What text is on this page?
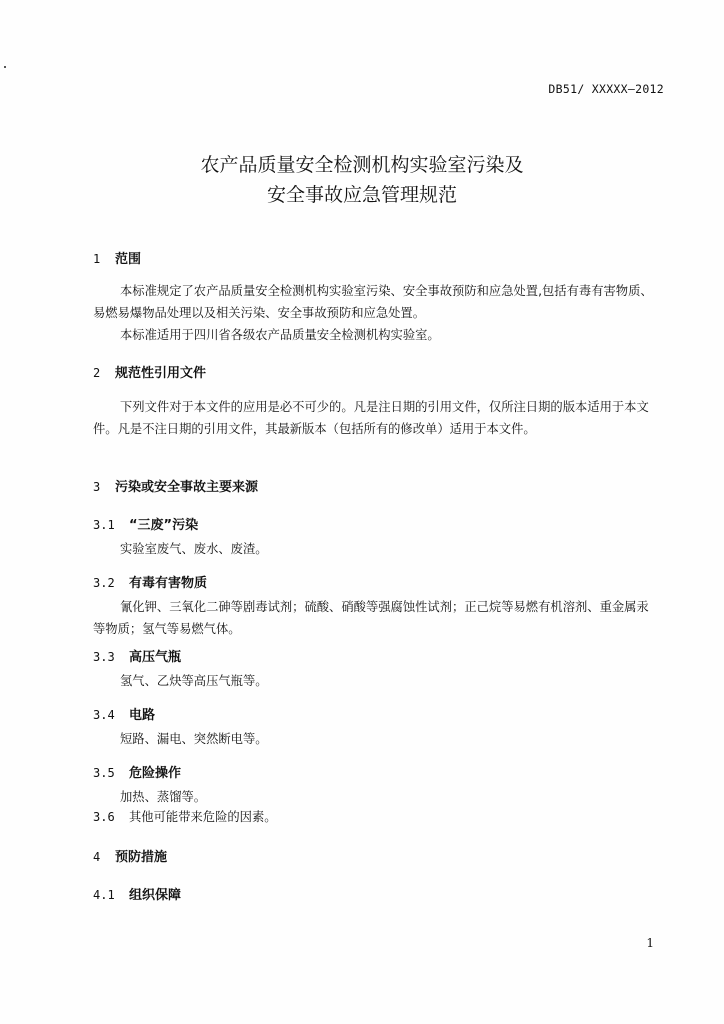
DB51/ XXXXX—2012
农产品质量安全检测机构实验室污染及
安全事故应急管理规范
1 范围
本标准规定了农产品质量安全检测机构实验室污染、安全事故预防和应急处置,包括有毒有害物质、
易燃易爆物品处理以及相关污染、安全事故预防和应急处置。
本标准适用于四川省各级农产品质量安全检测机构实验室。
2 规范性引用文件
下列文件对于本文件的应用是必不可少的。凡是注日期的引用文件，仅所注日期的版本适用于本文
件。凡是不注日期的引用文件，其最新版本（包括所有的修改单）适用于本文件。
3 污染或安全事故主要来源
3.1 “三废”污染
实验室废气、废水、废渣。
3.2 有毒有害物质
氰化钾、三氧化二砷等剧毒试剂；硫酸、硝酸等强腐蚀性试剂；正己烷等易燃有机溶剂、重金属汞
等物质；氢气等易燃气体。
3.3 高压气瓶
氢气、乙炔等高压气瓶等。
3.4 电路
短路、漏电、突然断电等。
3.5 危险操作
加热、蒸馏等。
3.6 其他可能带来危险的因素。
4 预防措施
4.1 组织保障
1
